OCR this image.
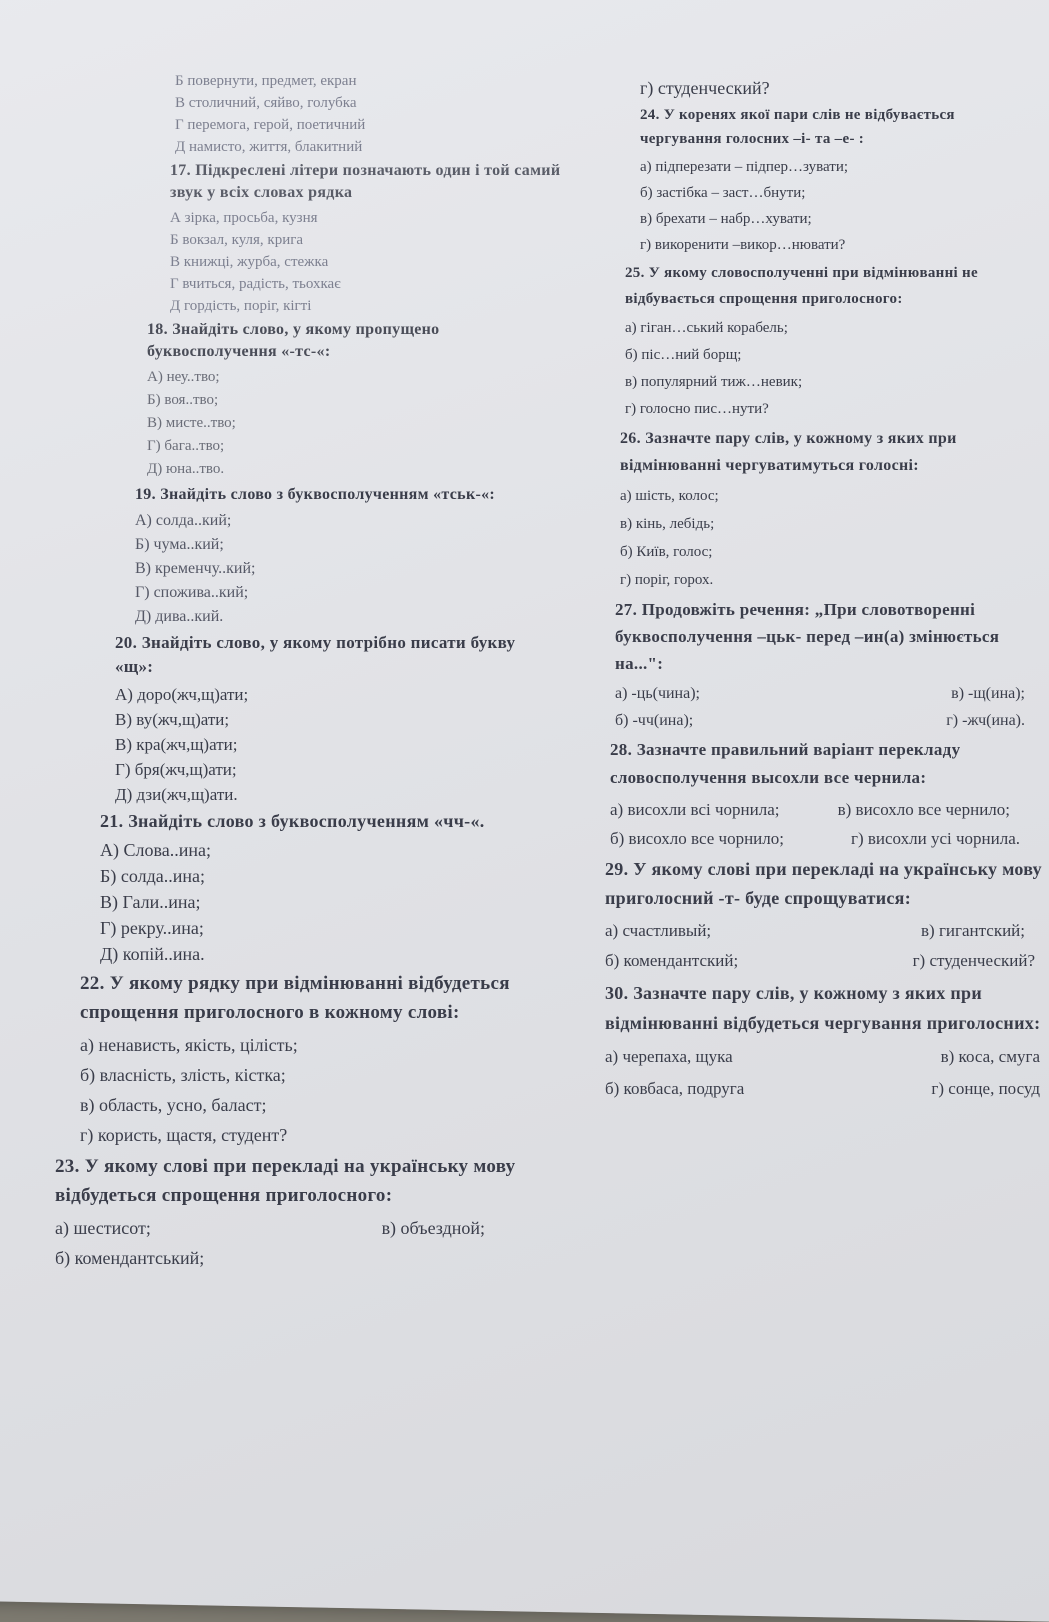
Б повернути, предмет, екран
В столичний, сяйво, голубка
Г перемога, герой, поетичний
Д намисто, життя, блакитний
17. Підкреслені літери позначають один і той самий звук у всіх словах рядка
А зірка, просьба, кузня
Б вокзал, куля, крига
В книжці, журба, стежка
Г вчиться, радість, тьохкає
Д гордість, поріг, кігті
18. Знайдіть слово, у якому пропущено буквосполучення «-тс-«:
А) неу..тво;
Б) воя..тво;
В) мисте..тво;
Г) бага..тво;
Д) юна..тво.
19. Знайдіть слово з буквосполученням «тськ-«:
А) солда..кий;
Б) чума..кий;
В) кременчу..кий;
Г) спожива..кий;
Д) дива..кий.
20. Знайдіть слово, у якому потрібно писати букву «щ»:
А) доро(жч,щ)ати;
В) ву(жч,щ)ати;
В) кра(жч,щ)ати;
Г) бря(жч,щ)ати;
Д) дзи(жч,щ)ати.
21. Знайдіть слово з буквосполученням «чч-«.
А) Слова..ина;
Б) солда..ина;
В) Гали..ина;
Г) рекру..ина;
Д) копій..ина.
22. У якому рядку при відмінюванні відбудеться спрощення приголосного в кожному слові:
а) ненависть, якість, цілість;
б) власність, злість, кістка;
в) область, усно, баласт;
г) користь, щастя, студент?
23. У якому слові при перекладі на українську мову відбудеться спрощення приголосного:
а) шестисот;	в) объездной;
б) комендантський;
г) студенческий?
24. У коренях якої пари слів не відбувається чергування голосних –і- та –е- :
а) підперезати – підпер…зувати;
б) застібка – заст…бнути;
в) брехати – набр…хувати;
г) викоренити –викор…нювати?
25. У якому словосполученні при відмінюванні не відбувається спрощення приголосного:
а) гіган…ський корабель;
б) піс…ний борщ;
в) популярний тиж…невик;
г) голосно пис…нути?
26. Зазначте пару слів, у кожному з яких при відмінюванні чергуватимуться голосні:
а) шість, колос;
в) кінь, лебідь;
б) Київ, голос;
г) поріг, горох.
27. Продовжіть речення: „При словотворенні буквосполучення –цьк- перед –ин(а) змінюється на...":
а) -ць(чина);	в) -щ(ина);
б) -чч(ина);	г) -жч(ина).
28. Зазначте правильний варіант перекладу словосполучення высохли все чернила:
а) висохли всі чорнила;	в) висохло все чернило;
б) висохло все чорнило;	г) висохли усі чорнила.
29. У якому слові при перекладі на українську мову приголосний -т- буде спрощуватися:
а) счастливый;	в) гигантский;
б) комендантский;	г) студенческий?
30. Зазначте пару слів, у кожному з яких при відмінюванні відбудеться чергування приголосних:
а) черепаха, щука	в) коса, смуга
б) ковбаса, подруга	г) сонце, посуд
